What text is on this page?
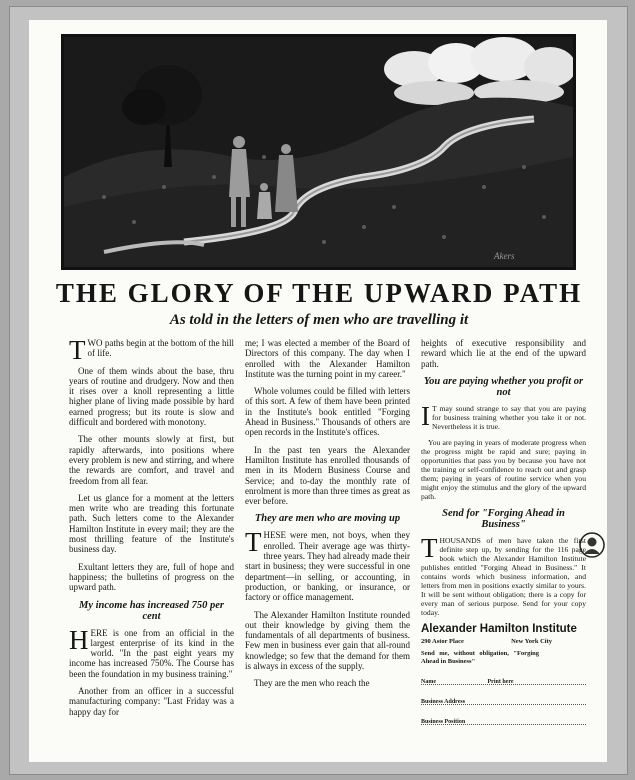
Akers
THE GLORY OF THE UPWARD PATH
As told in the letters of men who are travelling it

TWO paths begin at the bottom of the hill of life.

One of them winds about the base, thru years of routine and drudgery. Now and then it rises over a knoll representing a little higher plane of living made possible by hard earned progress; but its route is slow and difficult and bordered with monotony.

The other mounts slowly at first, but rapidly afterwards, into positions where every problem is new and stirring, and where the rewards are comfort, and travel and freedom from all fear.

Let us glance for a moment at the letters men write who are treading this fortunate path. Such letters come to the Alexander Hamilton Institute in every mail; they are the most thrilling feature of the Institute's business day.

Exultant letters they are, full of hope and happiness; the bulletins of progress on the upward path.

My income has increased 750 per cent

HERE is one from an official in the largest enterprise of its kind in the world. "In the past eight years my income has increased 750%. The Course has been the foundation in my business training."

Another from an officer in a successful manufacturing company: "Last Friday was a happy day for

me; I was elected a member of the Board of Directors of this company. The day when I enrolled with the Alexander Hamilton Institute was the turning point in my career."

Whole volumes could be filled with letters of this sort. A few of them have been printed in the Institute's book entitled "Forging Ahead in Business." Thousands of others are open records in the Institute's offices.

In the past ten years the Alexander Hamilton Institute has enrolled thousands of men in its Modern Business Course and Service; and to-day the monthly rate of enrolment is more than three times as great as ever before.

They are men who are moving up

THESE were men, not boys, when they enrolled. Their average age was thirty-three years. They had already made their start in business; they were successful in one department—in selling, or accounting, in production, or banking, or insurance, or factory or office management.

The Alexander Hamilton Institute rounded out their knowledge by giving them the fundamentals of all departments of business. Few men in business ever gain that all-round knowledge; so few that the demand for them is always in excess of the supply.

They are the men who reach the

heights of executive responsibility and reward which lie at the end of the upward path.

You are paying whether you profit or not

IT may sound strange to say that you are paying for business training whether you take it or not. Nevertheless it is true.

You are paying in years of moderate progress when the progress might be rapid and sure; paying in opportunities that pass you by because you have not the training or self-confidence to reach out and grasp them; paying in years of routine service when you might enjoy the stimulus and the glory of the upward path.

Send for "Forging Ahead in Business"

THOUSANDS of men have taken the first definite step up, by sending for the 116 page book which the Alexander Hamilton Institute publishes entitled "Forging Ahead in Business." It contains words which business information, and letters from men in positions exactly similar to yours. It will be sent without obligation; there is a copy for every man of serious purpose. Send for your copy today.

Alexander Hamilton Institute
290 Astor Place	New York City
Send me, without obligation, "Forging Ahead in Business"
Name	Print here
Business Address
Business Position
